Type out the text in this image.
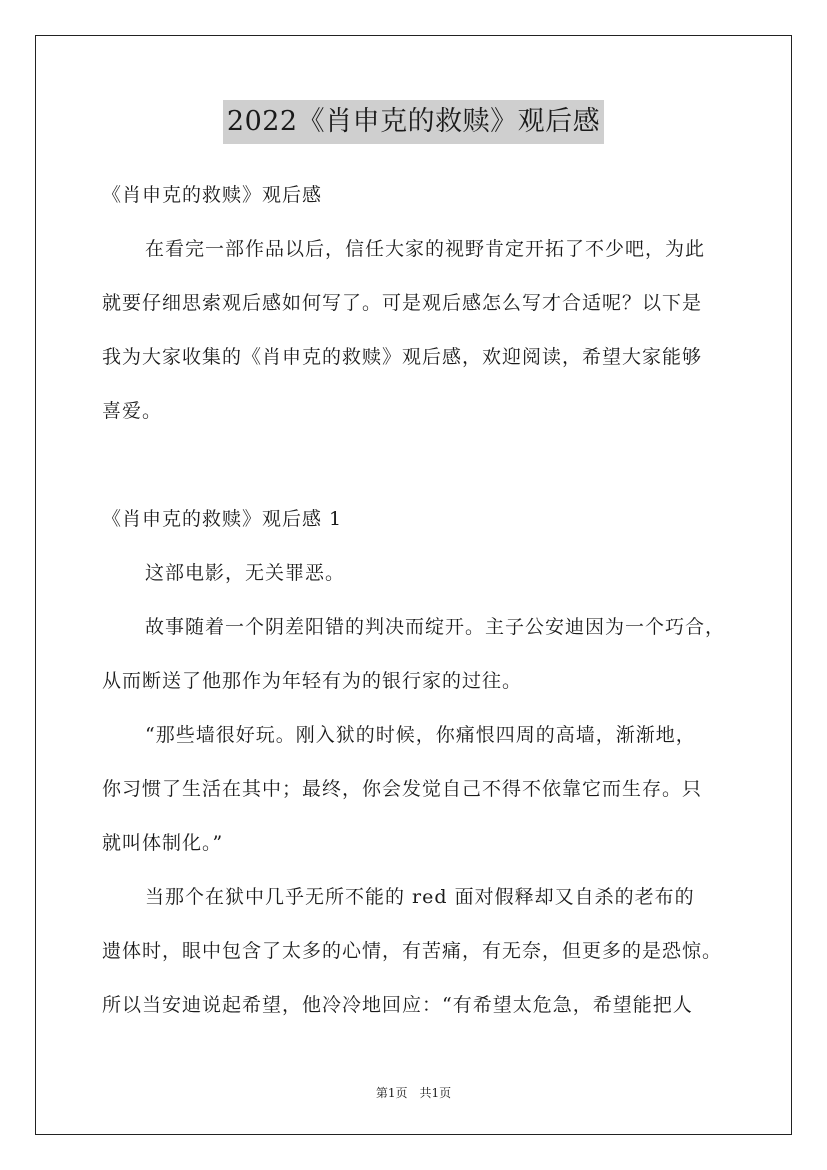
2022《肖申克的救赎》观后感
《肖申克的救赎》观后感
在看完一部作品以后，信任大家的视野肯定开拓了不少吧，为此
就要仔细思索观后感如何写了。可是观后感怎么写才合适呢？以下是
我为大家收集的《肖申克的救赎》观后感，欢迎阅读，希望大家能够
喜爱。
《肖申克的救赎》观后感 1
这部电影，无关罪恶。
故事随着一个阴差阳错的判决而绽开。主子公安迪因为一个巧合，
从而断送了他那作为年轻有为的银行家的过往。
“那些墙很好玩。刚入狱的时候，你痛恨四周的高墙，渐渐地，
你习惯了生活在其中；最终，你会发觉自己不得不依靠它而生存。只
就叫体制化。”
当那个在狱中几乎无所不能的 red 面对假释却又自杀的老布的
遗体时，眼中包含了太多的心情，有苦痛，有无奈，但更多的是恐惊。
所以当安迪说起希望，他冷冷地回应：“有希望太危急，希望能把人
第1页　共1页
